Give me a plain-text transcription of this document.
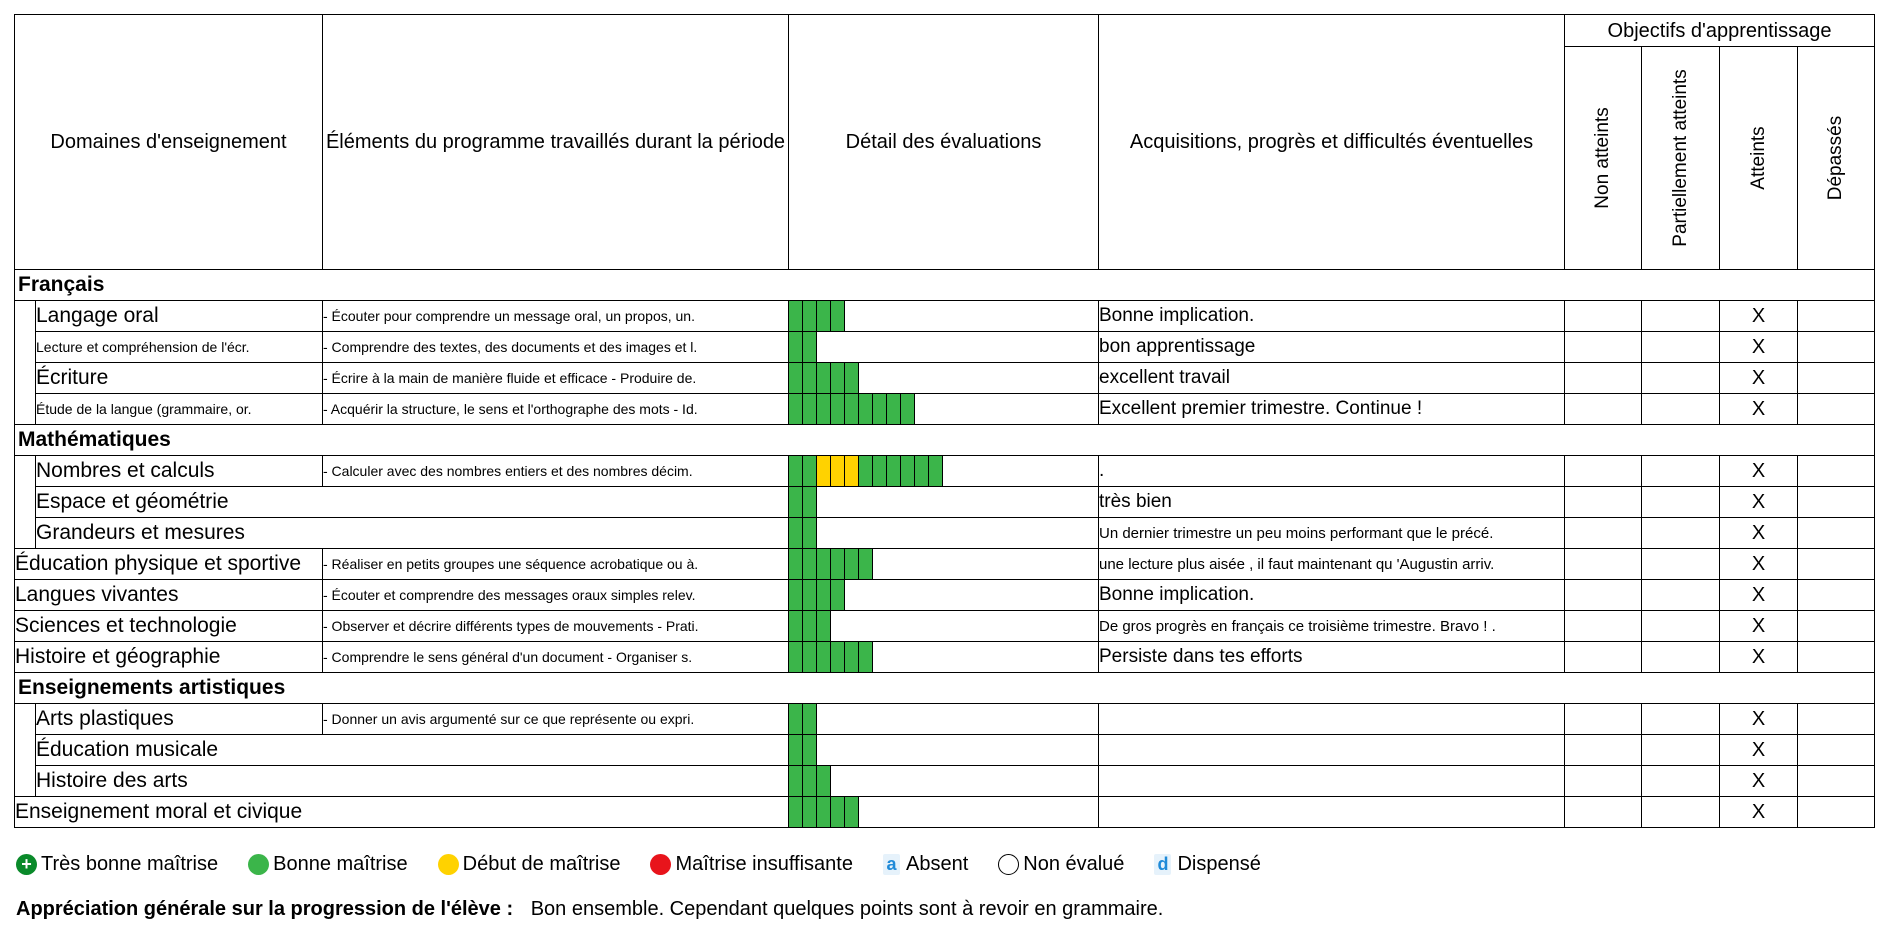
Domaines d'enseignement		Éléments du programme travaillés durant la période	Détail des évaluations	Acquisitions, progrès et difficultés éventuelles	Objectifs d'apprentissage			

					Non atteints	Partiellement atteints	Atteints	Dépassés

Français								
	Langage oral	- Écouter pour comprendre un message oral, un propos, un.		Bonne implication.			X	
	Lecture et compréhension de l'écr.	- Comprendre des textes, des documents et des images et l.		bon apprentissage			X	
	Écriture	- Écrire à la main de manière fluide et efficace - Produire de.		excellent travail			X	
	Étude de la langue (grammaire, or.	- Acquérir la structure, le sens et l'orthographe des mots - Id.		Excellent premier trimestre. Continue !			X	
Mathématiques								
	Nombres et calculs	- Calculer avec des nombres entiers et des nombres décim.		.			X	
	Espace et géométrie			très bien			X	
	Grandeurs et mesures			Un dernier trimestre un peu moins performant que le précé.			X	
Éducation physique et sportive		- Réaliser en petits groupes une séquence acrobatique ou à.		une lecture plus aisée , il faut maintenant qu 'Augustin arriv.			X	
Langues vivantes		- Écouter et comprendre des messages oraux simples relev.		Bonne implication.			X	
Sciences et technologie		- Observer et décrire différents types de mouvements - Prati.		De gros progrès en français ce troisième trimestre. Bravo ! .			X	
Histoire et géographie		- Comprendre le sens général d'un document - Organiser s.		Persiste dans tes efforts			X	
Enseignements artistiques								
	Arts plastiques	- Donner un avis argumenté sur ce que représente ou expri.					X	
	Éducation musicale						X	
	Histoire des arts						X	
Enseignement moral et civique							X	
+ Très bonne maîtrise	Bonne maîtrise	Début de maîtrise	Maîtrise insuffisante a Absent	Non évalué d Dispensé
Appréciation générale sur la progression de l'élève : Bon ensemble. Cependant quelques points sont à revoir en grammaire.
